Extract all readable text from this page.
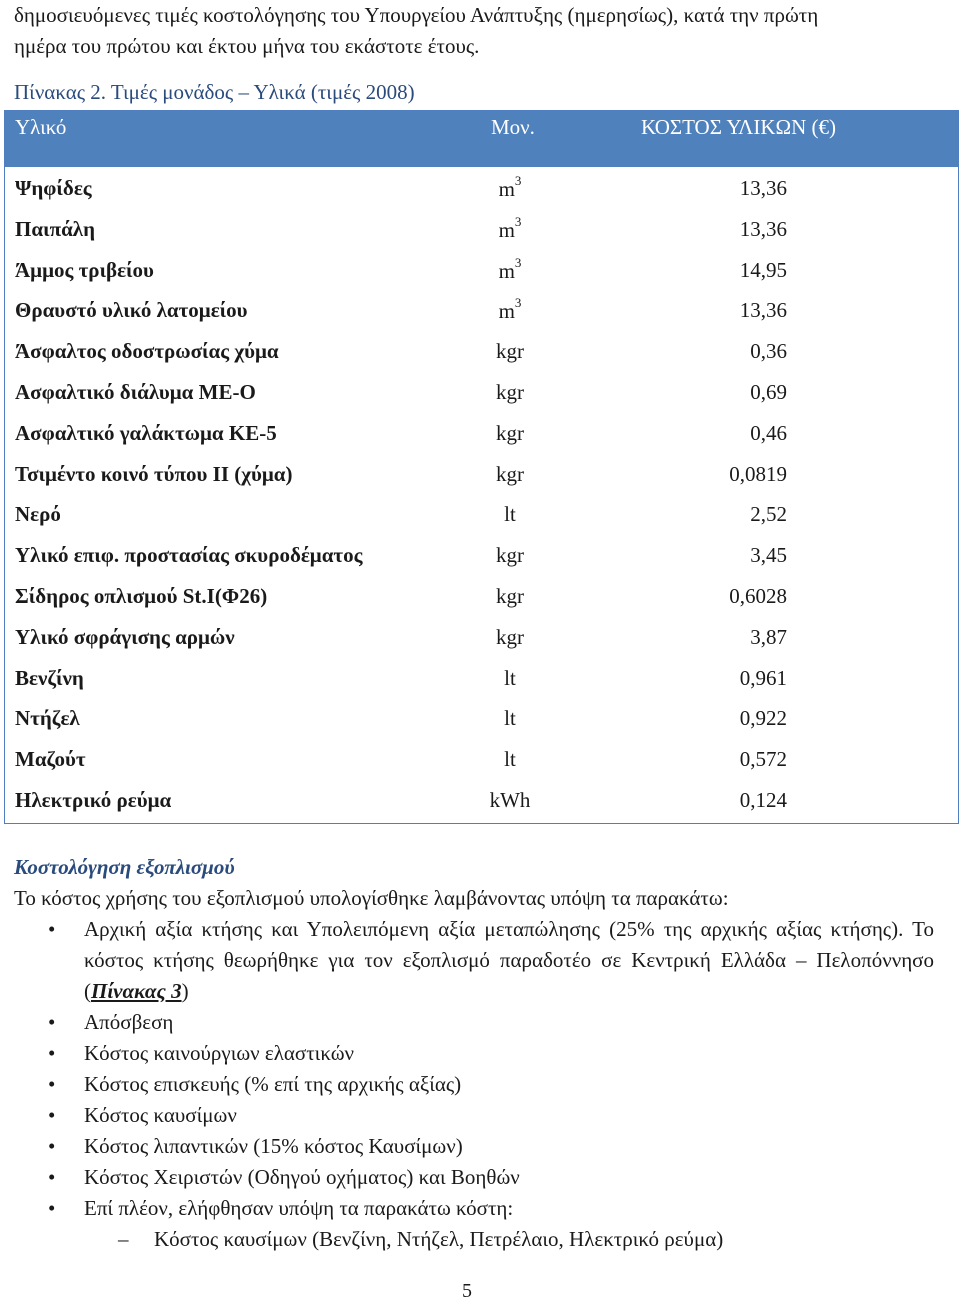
δημοσιευόμενες τιμές κοστολόγησης του Υπουργείου Ανάπτυξης (ημερησίως), κατά την πρώτη

ημέρα του πρώτου και έκτου μήνα του εκάστοτε έτους.

Πίνακας 2. Τιμές μονάδος – Υλικά (τιμές 2008)
Υλικό	Μον.	ΚΟΣΤΟΣ ΥΛΙΚΩΝ (€)
Ψηφίδες	$m^3$	13,36
Παιπάλη	$m^3$	13,36
Άμμος τριβείου	$m^3$	14,95
Θραυστό υλικό λατομείου	$m^3$	13,36
Άσφαλτος οδοστρωσίας χύμα	kgr	0,36
Ασφαλτικό διάλυμα ΜΕ-Ο	kgr	0,69
Ασφαλτικό γαλάκτωμα ΚΕ-5	kgr	0,46
Τσιμέντο κοινό τύπου ΙΙ (χύμα)	kgr	0,0819
Νερό	lt	2,52
Υλικό επιφ. προστασίας σκυροδέματος	kgr	3,45
Σίδηρος οπλισμού St.I(Φ26)	kgr	0,6028
Υλικό σφράγισης αρμών	kgr	3,87
Βενζίνη	lt	0,961
Ντήζελ	lt	0,922
Μαζούτ	lt	0,572
Ηλεκτρικό ρεύμα	kWh	0,124

Κοστολόγηση εξοπλισμού

Το κόστος χρήσης του εξοπλισμού υπολογίσθηκε λαμβάνοντας υπόψη τα παρακάτω:

• Αρχική αξία κτήσης και Υπολειπόμενη αξία μεταπώλησης (25% της αρχικής αξίας κτήσης). Το κόστος κτήσης θεωρήθηκε για τον εξοπλισμό παραδοτέο σε Κεντρική Ελλάδα – Πελοπόννησο (Πίνακας 3)
• Απόσβεση
• Κόστος καινούργιων ελαστικών
• Κόστος επισκευής (% επί της αρχικής αξίας)
• Κόστος καυσίμων
• Κόστος λιπαντικών (15% κόστος Καυσίμων)
• Κόστος Χειριστών (Οδηγού οχήματος) και Βοηθών
• Επί πλέον, ελήφθησαν υπόψη τα παρακάτω κόστη:
– Κόστος καυσίμων (Βενζίνη, Ντήζελ, Πετρέλαιο, Ηλεκτρικό ρεύμα)
5
